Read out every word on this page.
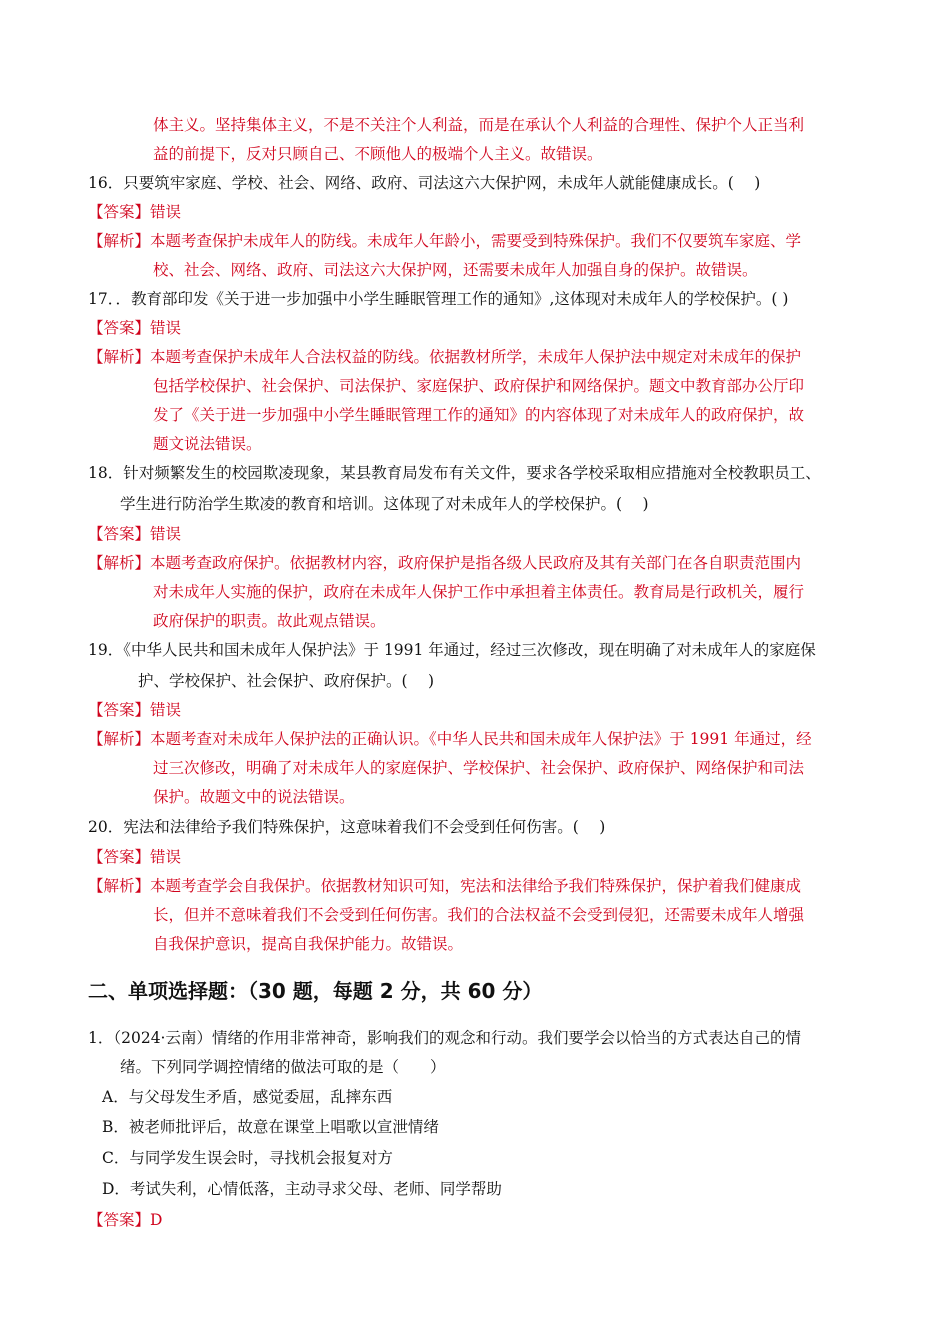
体主义。坚持集体主义，不是不关注个人利益，而是在承认个人利益的合理性、保护个人正当利
益的前提下，反对只顾自己、不顾他人的极端个人主义。故错误。
16．只要筑牢家庭、学校、社会、网络、政府、司法这六大保护网，未成年人就能健康成长。(　 )
【答案】错误
【解析】本题考查保护未成年人的防线。未成年人年龄小，需要受到特殊保护。我们不仅要筑车家庭、学
校、社会、网络、政府、司法这六大保护网，还需要未成年人加强自身的保护。故错误。
17．．教育部印发《关于进一步加强中小学生睡眠管理工作的通知》,这体现对未成年人的学校保护。( )
【答案】错误
【解析】本题考查保护未成年人合法权益的防线。依据教材所学，未成年人保护法中规定对未成年的保护
包括学校保护、社会保护、司法保护、家庭保护、政府保护和网络保护。题文中教育部办公厅印
发了《关于进一步加强中小学生睡眠管理工作的通知》的内容体现了对未成年人的政府保护，故
题文说法错误。
18．针对频繁发生的校园欺凌现象，某县教育局发布有关文件，要求各学校采取相应措施对全校教职员工、
学生进行防治学生欺凌的教育和培训。这体现了对未成年人的学校保护。(　 )
【答案】错误
【解析】本题考查政府保护。依据教材内容，政府保护是指各级人民政府及其有关部门在各自职责范围内
对未成年人实施的保护，政府在未成年人保护工作中承担着主体责任。教育局是行政机关，履行
政府保护的职责。故此观点错误。
19．《中华人民共和国未成年人保护法》于 1991 年通过，经过三次修改，现在明确了对未成年人的家庭保
护、学校保护、社会保护、政府保护。(　 )
【答案】错误
【解析】本题考查对未成年人保护法的正确认识。《中华人民共和国未成年人保护法》于 1991 年通过，经
过三次修改，明确了对未成年人的家庭保护、学校保护、社会保护、政府保护、网络保护和司法
保护。故题文中的说法错误。
20．宪法和法律给予我们特殊保护，这意味着我们不会受到任何伤害。(　 )
【答案】错误
【解析】本题考查学会自我保护。依据教材知识可知，宪法和法律给予我们特殊保护，保护着我们健康成
长，但并不意味着我们不会受到任何伤害。我们的合法权益不会受到侵犯，还需要未成年人增强
自我保护意识，提高自我保护能力。故错误。
二、单项选择题：（30 题，每题 2 分，共 60 分）
1．（2024·云南）情绪的作用非常神奇，影响我们的观念和行动。我们要学会以恰当的方式表达自己的情
绪。下列同学调控情绪的做法可取的是（　　）
A．与父母发生矛盾，感觉委屈，乱摔东西
B．被老师批评后，故意在课堂上唱歌以宣泄情绪
C．与同学发生误会时，寻找机会报复对方
D．考试失利，心情低落，主动寻求父母、老师、同学帮助
【答案】D
